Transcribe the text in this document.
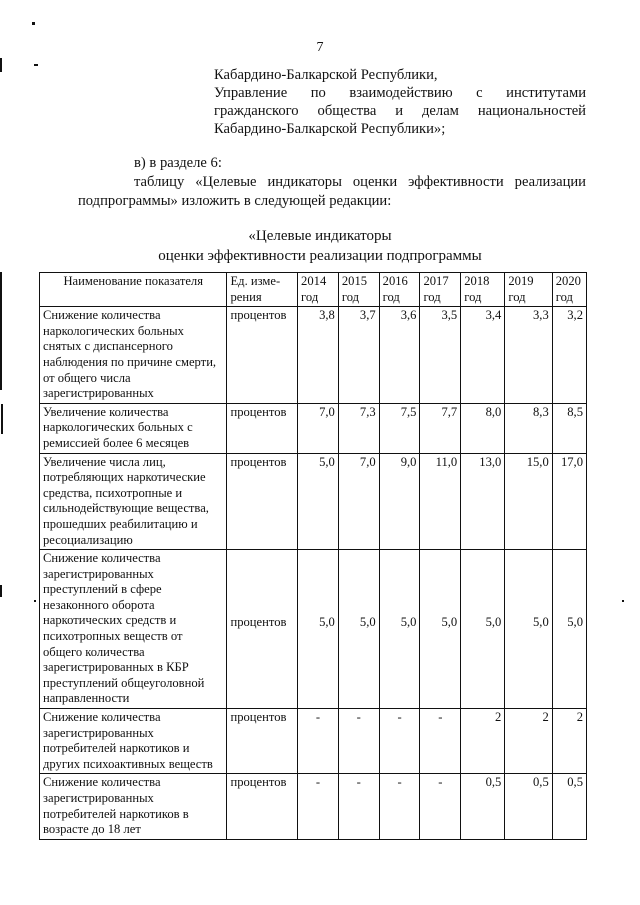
7
Кабардино-Балкарской Республики,
Управление по взаимодействию с институтами
гражданского общества и делам национальностей
Кабардино-Балкарской Республики»;
в) в разделе 6:
таблицу «Целевые индикаторы оценки эффективности реализации подпрограммы» изложить в следующей редакции:
«Целевые индикаторы
оценки эффективности реализации подпрограммы
Наименование показателя	Ед. изме-рения	2014 год	2015 год	2016 год	2017 год	2018 год	2019 год	2020 год
Снижение количества наркологических больных снятых с диспансерного наблюдения по причине смерти, от общего числа зарегистрированных	процентов	3,8	3,7	3,6	3,5	3,4	3,3	3,2
Увеличение количества наркологических больных с ремиссией более 6 месяцев	процентов	7,0	7,3	7,5	7,7	8,0	8,3	8,5
Увеличение числа лиц, потребляющих наркотические средства, психотропные и сильнодействующие вещества, прошедших реабилитацию и ресоциализацию	процентов	5,0	7,0	9,0	11,0	13,0	15,0	17,0
Снижение количества зарегистрированных преступлений в сфере незаконного оборота наркотических средств и психотропных веществ от общего количества зарегистрированных в КБР преступлений общеуголовной направленности	процентов	5,0	5,0	5,0	5,0	5,0	5,0	5,0
Снижение количества зарегистрированных потребителей наркотиков и других психоактивных веществ	процентов	-	-	-	-	2	2	2
Снижение количества зарегистрированных потребителей наркотиков в возрасте до 18 лет	процентов	-	-	-	-	0,5	0,5	0,5
